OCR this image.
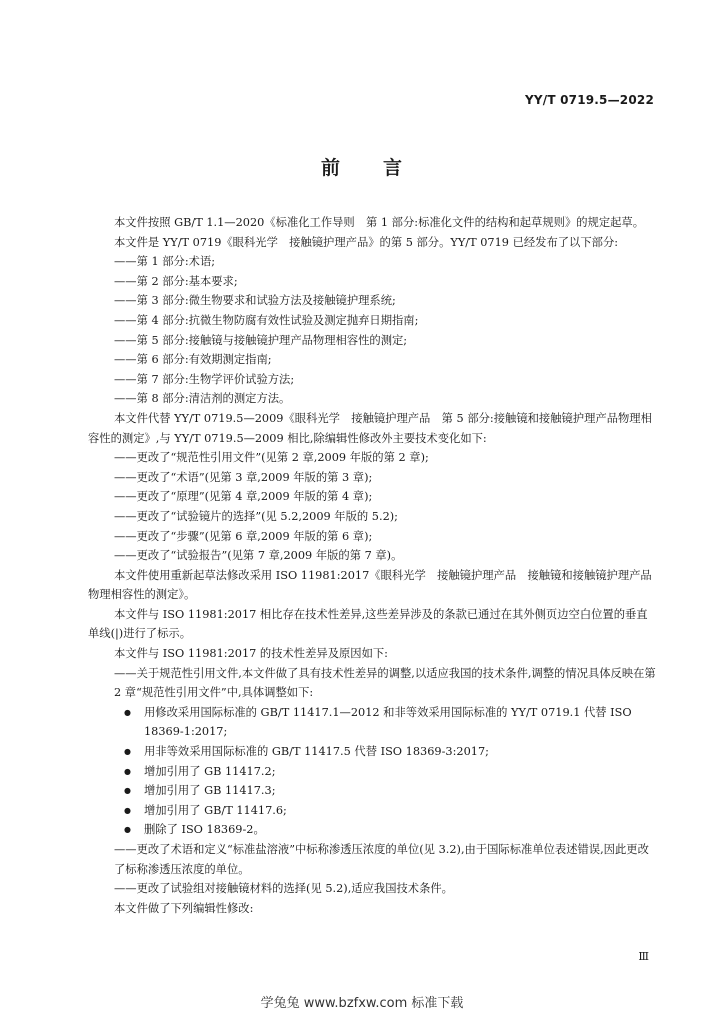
YY/T 0719.5—2022
前 言

本文件按照 GB/T 1.1—2020《标准化工作导则　第 1 部分:标准化文件的结构和起草规则》的规定起草。

本文件是 YY/T 0719《眼科光学　接触镜护理产品》的第 5 部分。YY/T 0719 已经发布了以下部分:

——第 1 部分:术语;

——第 2 部分:基本要求;

——第 3 部分:微生物要求和试验方法及接触镜护理系统;

——第 4 部分:抗微生物防腐有效性试验及测定抛弃日期指南;

——第 5 部分:接触镜与接触镜护理产品物理相容性的测定;

——第 6 部分:有效期测定指南;

——第 7 部分:生物学评价试验方法;

——第 8 部分:清洁剂的测定方法。

本文件代替 YY/T 0719.5—2009《眼科光学　接触镜护理产品　第 5 部分:接触镜和接触镜护理产品物理相容性的测定》,与 YY/T 0719.5—2009 相比,除编辑性修改外主要技术变化如下:

——更改了“规范性引用文件”(见第 2 章,2009 年版的第 2 章);

——更改了“术语”(见第 3 章,2009 年版的第 3 章);

——更改了“原理”(见第 4 章,2009 年版的第 4 章);

——更改了“试验镜片的选择”(见 5.2,2009 年版的 5.2);

——更改了“步骤”(见第 6 章,2009 年版的第 6 章);

——更改了“试验报告”(见第 7 章,2009 年版的第 7 章)。

本文件使用重新起草法修改采用 ISO 11981:2017《眼科光学　接触镜护理产品　接触镜和接触镜护理产品物理相容性的测定》。

本文件与 ISO 11981:2017 相比存在技术性差异,这些差异涉及的条款已通过在其外侧页边空白位置的垂直单线(|)进行了标示。

本文件与 ISO 11981:2017 的技术性差异及原因如下:

——关于规范性引用文件,本文件做了具有技术性差异的调整,以适应我国的技术条件,调整的情况具体反映在第 2 章“规范性引用文件”中,具体调整如下:

● 用修改采用国际标准的 GB/T 11417.1—2012 和非等效采用国际标准的 YY/T 0719.1 代替 ISO 18369-1:2017;

● 用非等效采用国际标准的 GB/T 11417.5 代替 ISO 18369-3:2017;

● 增加引用了 GB 11417.2;

● 增加引用了 GB 11417.3;

● 增加引用了 GB/T 11417.6;

● 删除了 ISO 18369-2。

——更改了术语和定义“标准盐溶液”中标称渗透压浓度的单位(见 3.2),由于国际标准单位表述错误,因此更改了标称渗透压浓度的单位。

——更改了试验组对接触镜材料的选择(见 5.2),适应我国技术条件。

本文件做了下列编辑性修改:

Ⅲ
学兔兔 www.bzfxw.com 标准下载
